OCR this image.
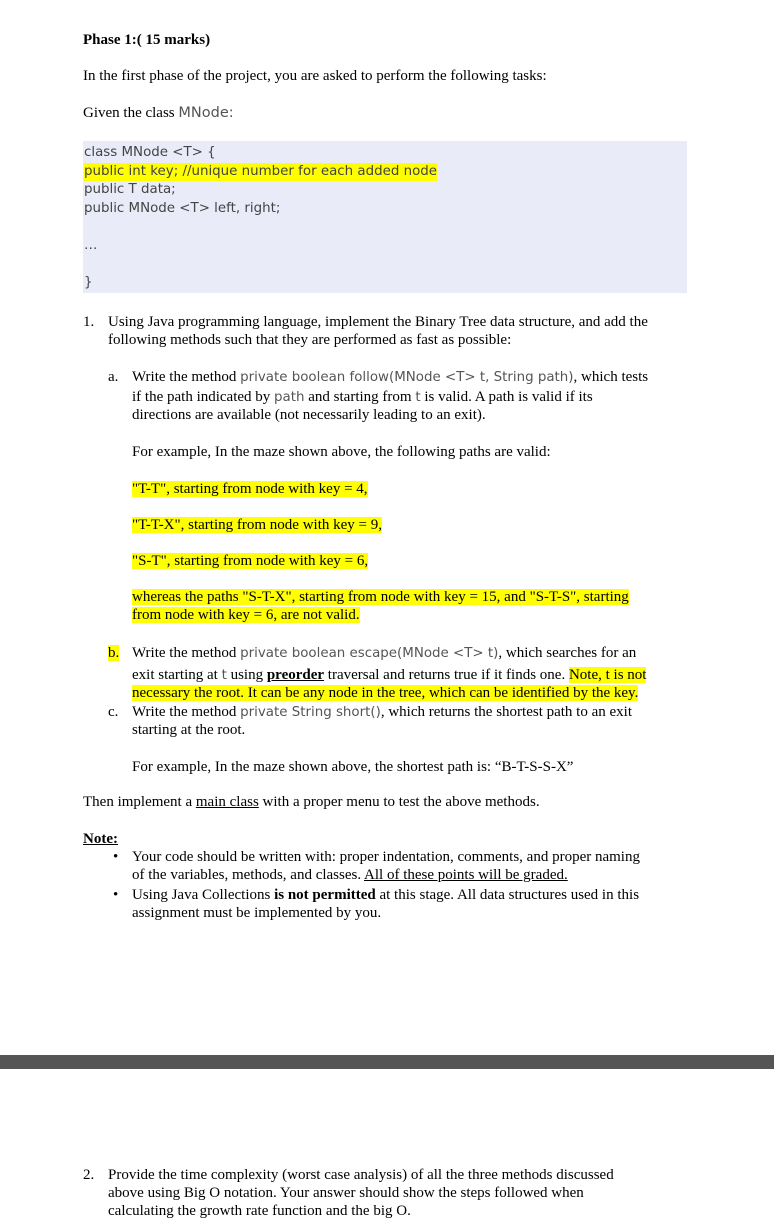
Phase 1:( 15 marks)
In the first phase of the project, you are asked to perform the following tasks:
Given the class MNode:
class MNode <T> {
public int key; //unique number for each added node
public T data;
public MNode <T> left, right;
…
}
1. Using Java programming language, implement the Binary Tree data structure, and add the
following methods such that they are performed as fast as possible:
a. Write the method private boolean follow(MNode <T> t, String path), which tests
if the path indicated by path and starting from t is valid. A path is valid if its
directions are available (not necessarily leading to an exit).
For example, In the maze shown above, the following paths are valid:
"T-T", starting from node with key = 4,
"T-T-X", starting from node with key = 9,
"S-T", starting from node with key = 6,
whereas the paths "S-T-X", starting from node with key = 15, and "S-T-S", starting
from node with key = 6, are not valid.
b. Write the method private boolean escape(MNode <T> t), which searches for an
exit starting at t using preorder traversal and returns true if it finds one. Note, t is not
necessary the root. It can be any node in the tree, which can be identified by the key.
c. Write the method private String short(), which returns the shortest path to an exit
starting at the root.
For example, In the maze shown above, the shortest path is: “B-T-S-S-X”
Then implement a main class with a proper menu to test the above methods.
Note:
• Your code should be written with: proper indentation, comments, and proper naming
of the variables, methods, and classes. All of these points will be graded.
• Using Java Collections is not permitted at this stage. All data structures used in this
assignment must be implemented by you.
2. Provide the time complexity (worst case analysis) of all the three methods discussed
above using Big O notation. Your answer should show the steps followed when
calculating the growth rate function and the big O.
